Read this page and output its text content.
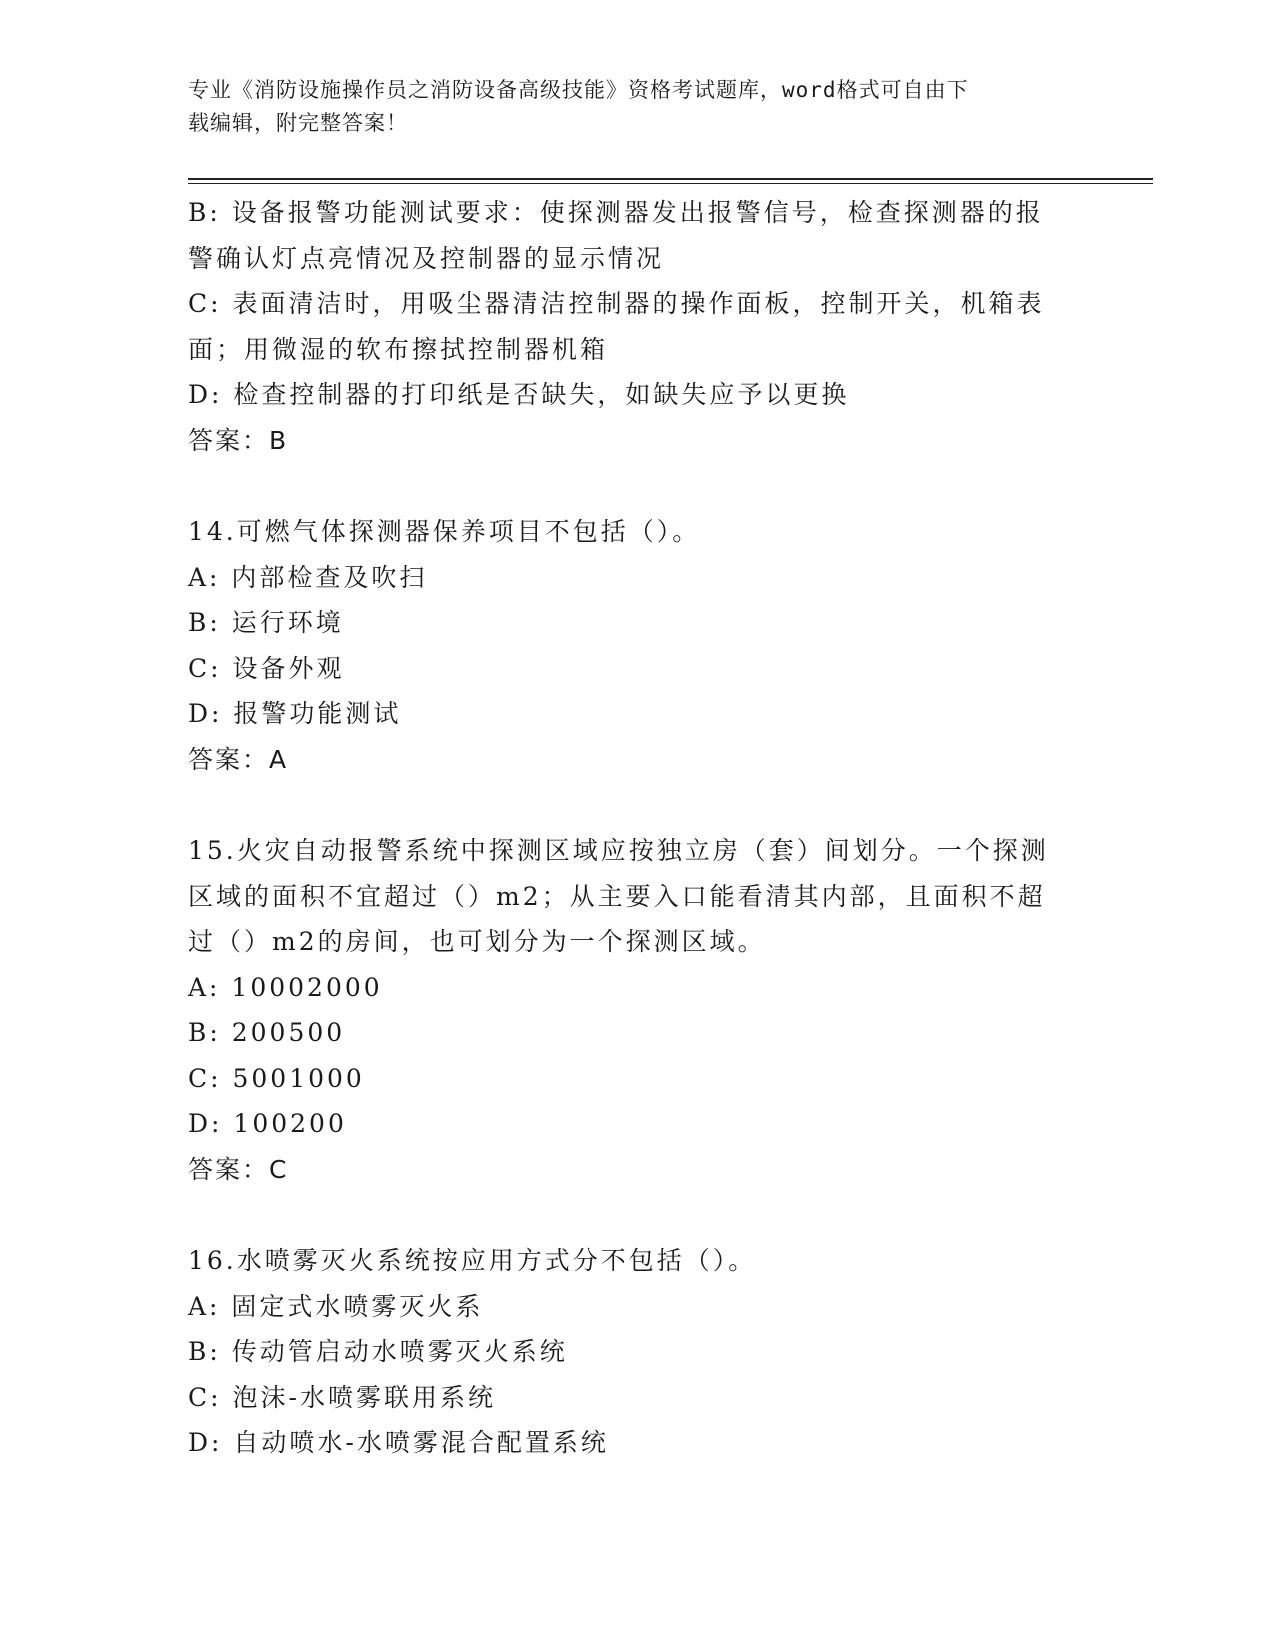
专业《消防设施操作员之消防设备高级技能》资格考试题库，word格式可自由下
载编辑，附完整答案！
B: 设备报警功能测试要求：使探测器发出报警信号，检查探测器的报
警确认灯点亮情况及控制器的显示情况
C: 表面清洁时，用吸尘器清洁控制器的操作面板，控制开关，机箱表
面；用微湿的软布擦拭控制器机箱
D: 检查控制器的打印纸是否缺失，如缺失应予以更换
答案：B
14.可燃气体探测器保养项目不包括（）。
A: 内部检查及吹扫
B: 运行环境
C: 设备外观
D: 报警功能测试
答案：A
15.火灾自动报警系统中探测区域应按独立房（套）间划分。一个探测
区域的面积不宜超过（）m2；从主要入口能看清其内部，且面积不超
过（）m2的房间，也可划分为一个探测区域。
A: 10002000
B: 200500
C: 5001000
D: 100200
答案：C
16.水喷雾灭火系统按应用方式分不包括（）。
A: 固定式水喷雾灭火系
B: 传动管启动水喷雾灭火系统
C: 泡沫-水喷雾联用系统
D: 自动喷水-水喷雾混合配置系统
